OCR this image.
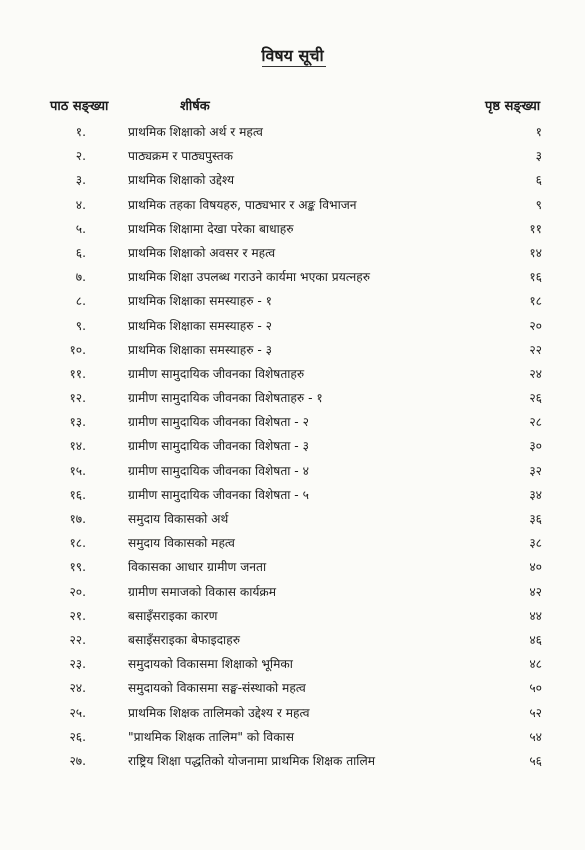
विषय सूची
पाठ सङ्ख्या	शीर्षक	पृष्ठ सङ्ख्या
१.	प्राथमिक शिक्षाको अर्थ र महत्व	१
२.	पाठ्यक्रम र पाठ्यपुस्तक	३
३.	प्राथमिक शिक्षाको उद्देश्य	६
४.	प्राथमिक तहका विषयहरु, पाठ्यभार र अङ्क विभाजन	९
५.	प्राथमिक शिक्षामा देखा परेका बाधाहरु	११
६.	प्राथमिक शिक्षाको अवसर र महत्व	१४
७.	प्राथमिक शिक्षा उपलब्ध गराउने कार्यमा भएका प्रयत्नहरु	१६
८.	प्राथमिक शिक्षाका समस्याहरु - १	१८
९.	प्राथमिक शिक्षाका समस्याहरु - २	२०
१०.	प्राथमिक शिक्षाका समस्याहरु - ३	२२
११.	ग्रामीण सामुदायिक जीवनका विशेषताहरु	२४
१२.	ग्रामीण सामुदायिक जीवनका विशेषताहरु - १	२६
१३.	ग्रामीण सामुदायिक जीवनका विशेषता - २	२८
१४.	ग्रामीण सामुदायिक जीवनका विशेषता - ३	३०
१५.	ग्रामीण सामुदायिक जीवनका विशेषता - ४	३२
१६.	ग्रामीण सामुदायिक जीवनका विशेषता - ५	३४
१७.	समुदाय विकासको अर्थ	३६
१८.	समुदाय विकासको महत्व	३८
१९.	विकासका आधार ग्रामीण जनता	४०
२०.	ग्रामीण समाजको विकास कार्यक्रम	४२
२१.	बसाइँसराइका कारण	४४
२२.	बसाइँसराइका बेफाइदाहरु	४६
२३.	समुदायको विकासमा शिक्षाको भूमिका	४८
२४.	समुदायको विकासमा सङ्घ-संस्थाको महत्व	५०
२५.	प्राथमिक शिक्षक तालिमको उद्देश्य र महत्व	५२
२६.	"प्राथमिक शिक्षक तालिम" को विकास	५४
२७.	राष्ट्रिय शिक्षा पद्धतिको योजनामा प्राथमिक शिक्षक तालिम	५६
